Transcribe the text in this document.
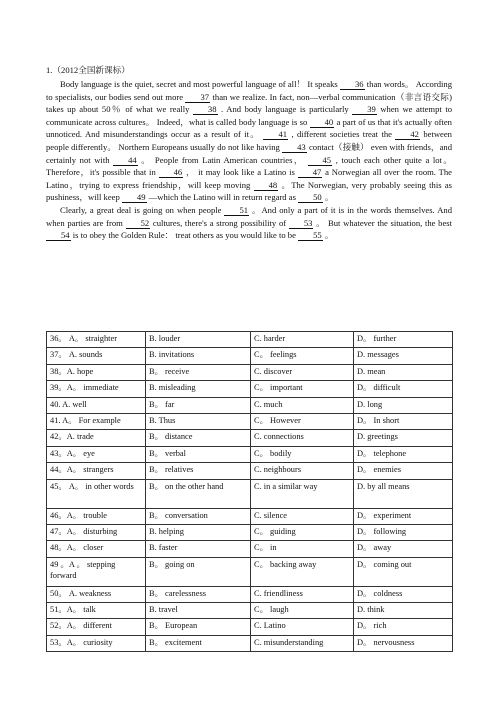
1.（2012全国新课标）

Body language is the quiet, secret and most powerful language of all！ It speaks 36 than words。 According to specialists, our bodies send out more 37 than we realize. In fact, non—verbal communication（非言语交际) takes up about 50％ of what we really 38 . And body language is particularly 39 when we attempt to communicate across cultures。 Indeed，what is called body language is so 40 a part of us that it's actually often unnoticed. And misunderstandings occur as a result of it。 41 , different societies treat the 42 between people differently。 Northern Europeans usually do not like having 43 contact（接触） even with friends，and certainly not with 44 。 People from Latin American countries， 45 , touch each other quite a lot。 Therefore，it's possible that in 46 ， it may look like a Latino is 47 a Norwegian all over the room. The Latino，trying to express friendship，will keep moving 48 。The Norwegian, very probably seeing this as pushiness，will keep 49 —which the Latino will in return regard as 50 。

Clearly, a great deal is going on when people 51 。And only a part of it is in the words themselves. And when parties are from 52 cultures, there's a strong possibility of 53 。 But whatever the situation, the best 54 is to obey the Golden Rule： treat others as you would like to be 55 。

36。 A。 straighter	B. louder	C. harder	D。 further
37。 A. sounds	B. invitations	C。 feelings	D. messages
38。A. hope	B。 receive	C. discover	D. mean
39。A。 immediate	B. misleading	C。 important	D。 difficult
40. A. well	B。 far	C. much	D. long
41. A。 For example	B. Thus	C。 However	D。 In short
42。A. trade	B。 distance	C. connections	D. greetings
43。A。 eye	B。 verbal	C。 bodily	D。 telephone
44。A。 strangers	B。 relatives	C. neighbours	D。 enemies
45。 A。 in other words	B。 on the other hand	C. in a similar way	D. by all means
46。A。 trouble	B。 conversation	C. silence	D。 experiment
47。A。 disturbing	B. helping	C。 guiding	D。 following
48。A。 closer	B. faster	C。 in	D。 away
49 。A 。 stepping forward	B。 going on	C。 backing away	D。 coming out
50。 A. weakness	B。 carelessness	C. friendliness	D。 coldness
51。A。 talk	B. travel	C。 laugh	D. think
52。A。 different	B。 European	C. Latino	D。 rich
53。A。 curiosity	B。 excitement	C. misunderstanding	D。 nervousness
